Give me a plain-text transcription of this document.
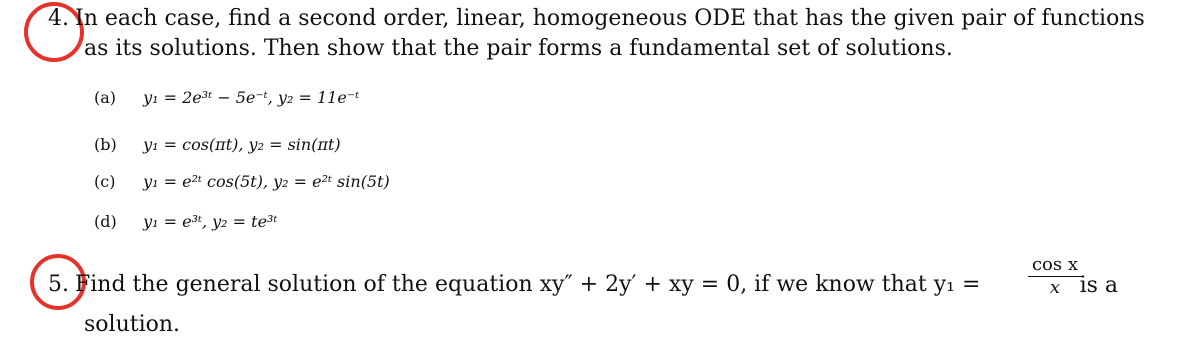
4. In each case, find a second order, linear, homogeneous ODE that has the given pair of functions
as its solutions. Then show that the pair forms a fundamental set of solutions.
(a) y₁ = 2e³ᵗ − 5e⁻ᵗ, y₂ = 11e⁻ᵗ
(b) y₁ = cos(πt), y₂ = sin(πt)
(c) y₁ = e²ᵗ cos(5t), y₂ = e²ᵗ sin(5t)
(d) y₁ = e³ᵗ, y₂ = te³ᵗ
5. Find the general solution of the equation xy″ + 2y′ + xy = 0, if we know that y₁ =	$\frac{\text{cos x}}{x}$
is a
solution.
